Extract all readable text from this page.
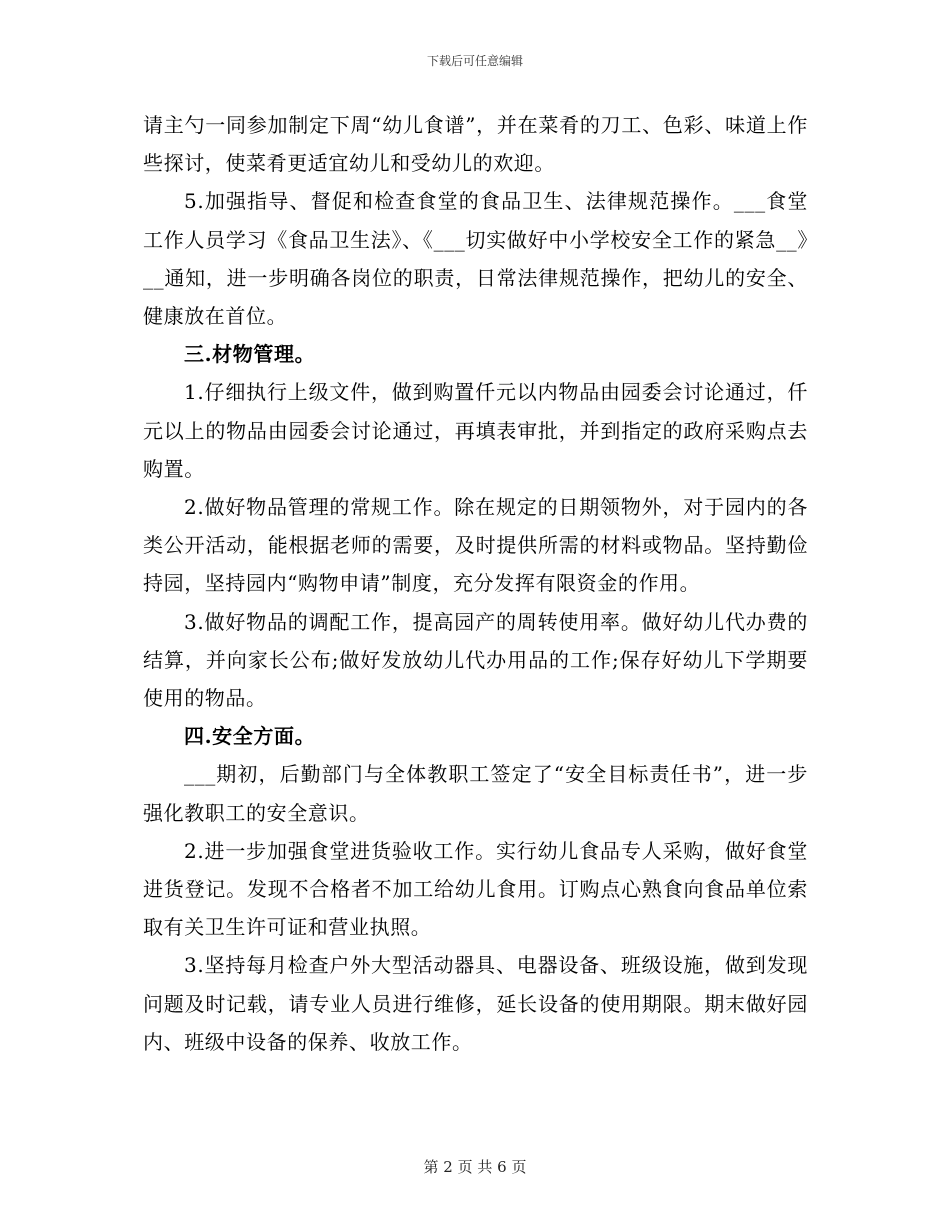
下载后可任意编辑

请主勺一同参加制定下周“幼儿食谱”，并在菜肴的刀工、色彩、味道上作些探讨，使菜肴更适宜幼儿和受幼儿的欢迎。

5.加强指导、督促和检查食堂的食品卫生、法律规范操作。___食堂工作人员学习《食品卫生法》、《___切实做好中小学校安全工作的紧急__》__通知，进一步明确各岗位的职责，日常法律规范操作，把幼儿的安全、健康放在首位。

三.材物管理。

1.仔细执行上级文件，做到购置仟元以内物品由园委会讨论通过，仟元以上的物品由园委会讨论通过，再填表审批，并到指定的政府采购点去购置。

2.做好物品管理的常规工作。除在规定的日期领物外，对于园内的各类公开活动，能根据老师的需要，及时提供所需的材料或物品。坚持勤俭持园，坚持园内“购物申请”制度，充分发挥有限资金的作用。

3.做好物品的调配工作，提高园产的周转使用率。做好幼儿代办费的结算，并向家长公布;做好发放幼儿代办用品的工作;保存好幼儿下学期要使用的物品。

四.安全方面。

___期初，后勤部门与全体教职工签定了“安全目标责任书”，进一步强化教职工的安全意识。

2.进一步加强食堂进货验收工作。实行幼儿食品专人采购，做好食堂进货登记。发现不合格者不加工给幼儿食用。订购点心熟食向食品单位索取有关卫生许可证和营业执照。

3.坚持每月检查户外大型活动器具、电器设备、班级设施，做到发现问题及时记载，请专业人员进行维修，延长设备的使用期限。期末做好园内、班级中设备的保养、收放工作。

第 2 页 共 6 页
